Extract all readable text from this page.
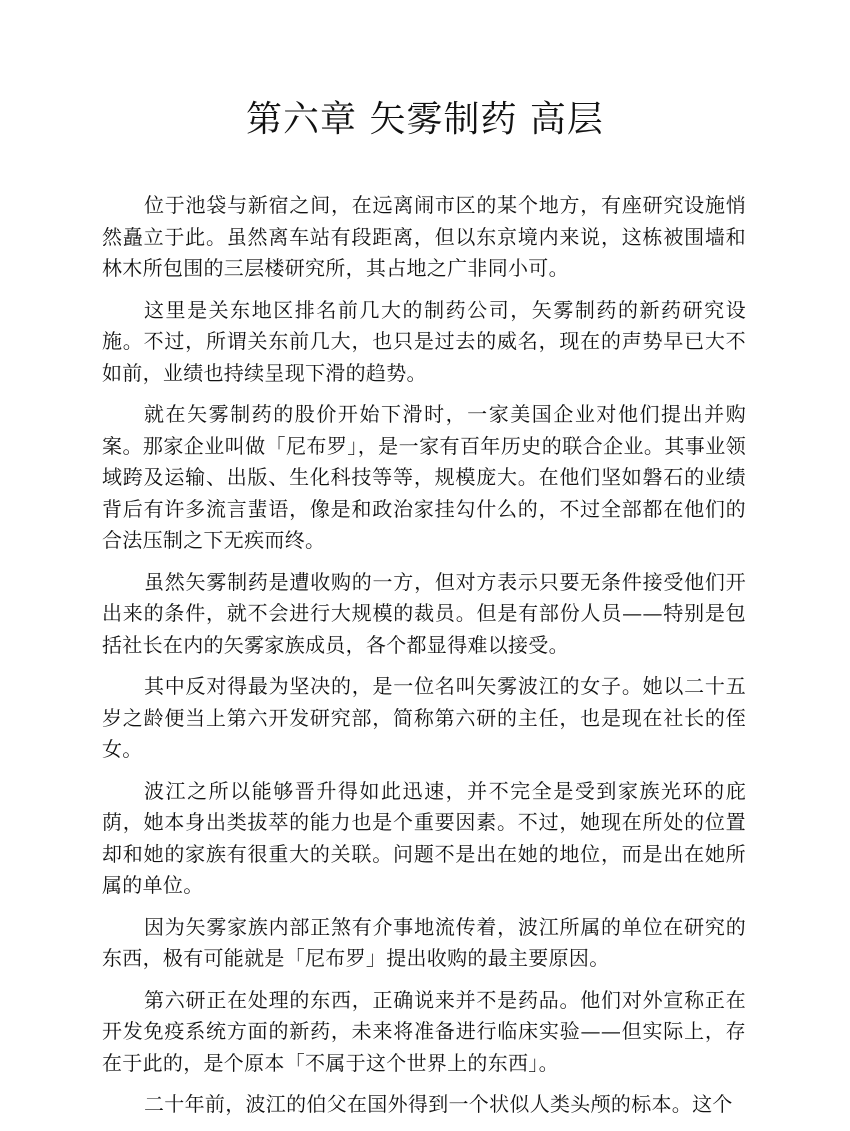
第六章 矢雾制药 高层

位于池袋与新宿之间，在远离闹市区的某个地方，有座研究设施悄然矗立于此。虽然离车站有段距离，但以东京境内来说，这栋被围墙和林木所包围的三层楼研究所，其占地之广非同小可。

这里是关东地区排名前几大的制药公司，矢雾制药的新药研究设施。不过，所谓关东前几大，也只是过去的威名，现在的声势早已大不如前，业绩也持续呈现下滑的趋势。

就在矢雾制药的股价开始下滑时，一家美国企业对他们提出并购案。那家企业叫做「尼布罗」，是一家有百年历史的联合企业。其事业领域跨及运输、出版、生化科技等等，规模庞大。在他们坚如磐石的业绩背后有许多流言蜚语，像是和政治家挂勾什么的，不过全部都在他们的合法压制之下无疾而终。

虽然矢雾制药是遭收购的一方，但对方表示只要无条件接受他们开出来的条件，就不会进行大规模的裁员。但是有部份人员——特别是包括社长在内的矢雾家族成员，各个都显得难以接受。

其中反对得最为坚决的，是一位名叫矢雾波江的女子。她以二十五岁之龄便当上第六开发研究部，简称第六研的主任，也是现在社长的侄女。

波江之所以能够晋升得如此迅速，并不完全是受到家族光环的庇荫，她本身出类拔萃的能力也是个重要因素。不过，她现在所处的位置却和她的家族有很重大的关联。问题不是出在她的地位，而是出在她所属的单位。

因为矢雾家族内部正煞有介事地流传着，波江所属的单位在研究的东西，极有可能就是「尼布罗」提出收购的最主要原因。

第六研正在处理的东西，正确说来并不是药品。他们对外宣称正在开发免疫系统方面的新药，未来将准备进行临床实验——但实际上，存在于此的，是个原本「不属于这个世界上的东西」。

二十年前，波江的伯父在国外得到一个状似人类头颅的标本。这个
